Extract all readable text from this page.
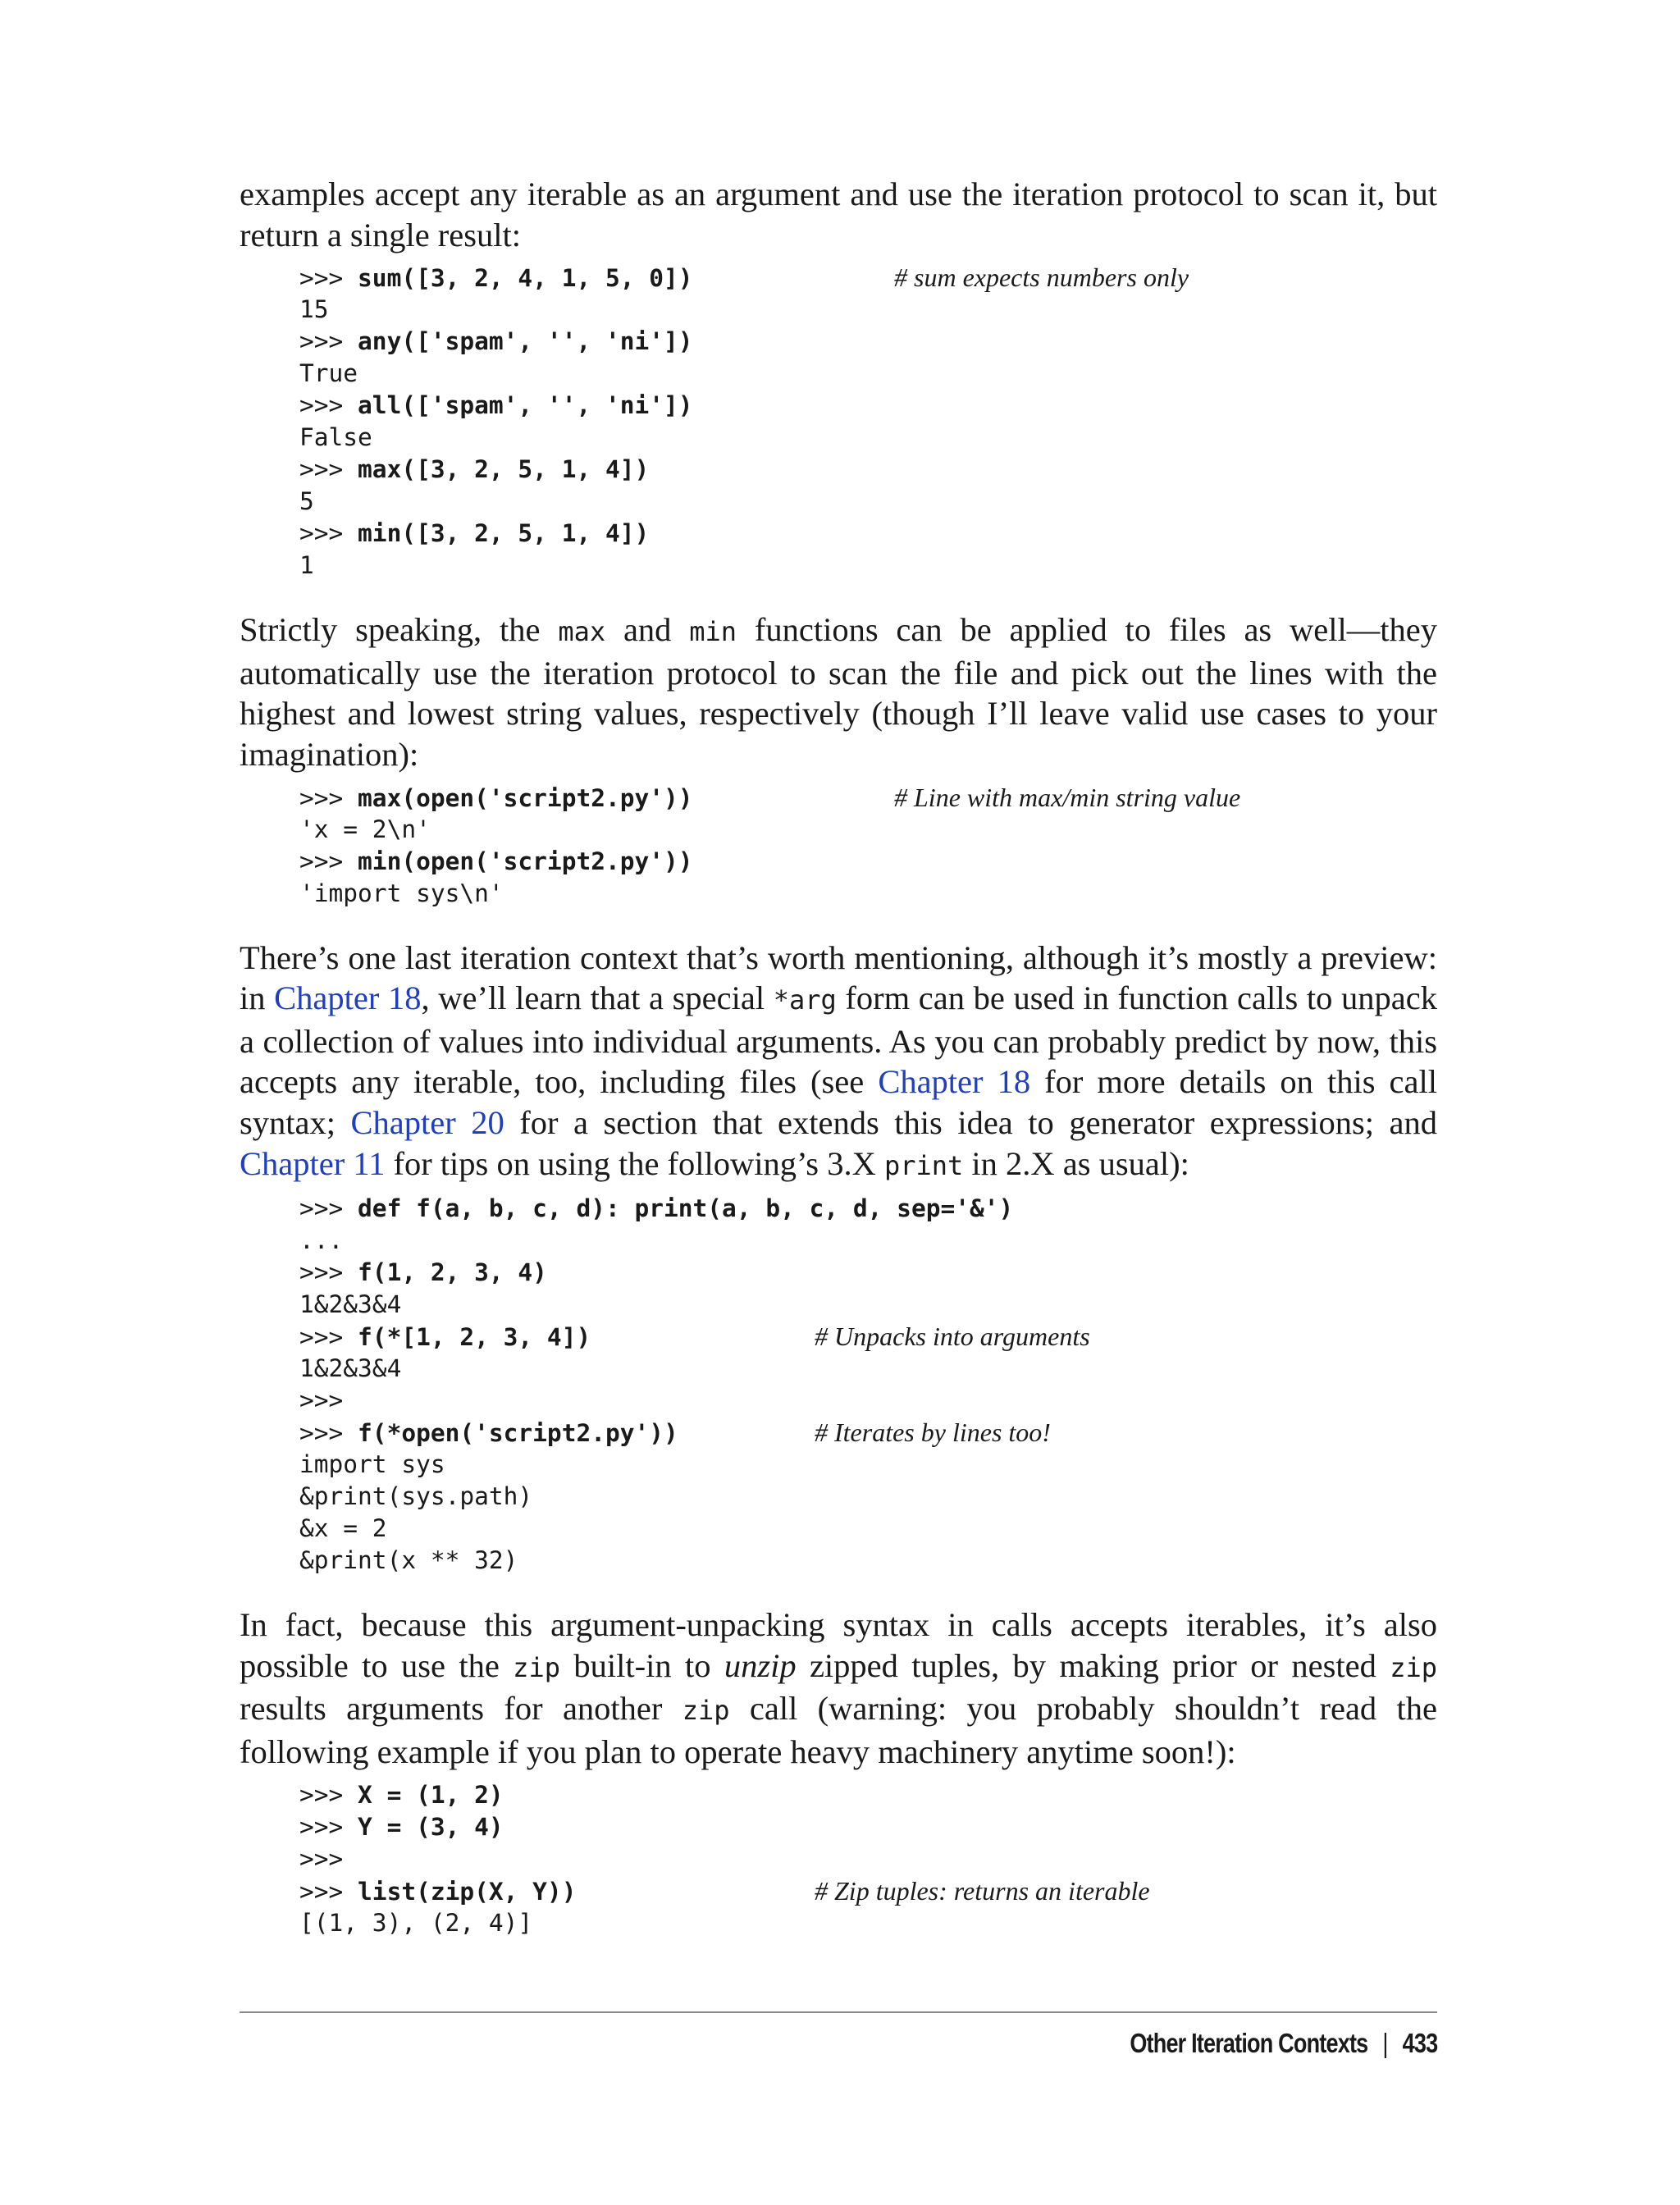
examples accept any iterable as an argument and use the iteration protocol to scan it, but return a single result:

>>> sum([3, 2, 4, 1, 5, 0])	# sum expects numbers only
15
>>> any(['spam', '', 'ni'])
True
>>> all(['spam', '', 'ni'])
False
>>> max([3, 2, 5, 1, 4])
5
>>> min([3, 2, 5, 1, 4])
1

Strictly speaking, the max and min functions can be applied to files as well—they automatically use the iteration protocol to scan the file and pick out the lines with the highest and lowest string values, respectively (though I’ll leave valid use cases to your imagination):

>>> max(open('script2.py'))	# Line with max/min string value
'x = 2\n'
>>> min(open('script2.py'))
'import sys\n'

There’s one last iteration context that’s worth mentioning, although it’s mostly a preview: in Chapter 18, we’ll learn that a special *arg form can be used in function calls to unpack a collection of values into individual arguments. As you can probably predict by now, this accepts any iterable, too, including files (see Chapter 18 for more details on this call syntax; Chapter 20 for a section that extends this idea to generator expressions; and Chapter 11 for tips on using the following’s 3.X print in 2.X as usual):

>>> def f(a, b, c, d): print(a, b, c, d, sep='&')
...
>>> f(1, 2, 3, 4)
1&2&3&4
>>> f(*[1, 2, 3, 4])	# Unpacks into arguments
1&2&3&4
>>>
>>> f(*open('script2.py'))	# Iterates by lines too!
import sys
&print(sys.path)
&x = 2
&print(x ** 32)

In fact, because this argument-unpacking syntax in calls accepts iterables, it’s also possible to use the zip built-in to unzip zipped tuples, by making prior or nested zip results arguments for another zip call (warning: you probably shouldn’t read the following example if you plan to operate heavy machinery anytime soon!):

>>> X = (1, 2)
>>> Y = (3, 4)
>>>
>>> list(zip(X, Y))	# Zip tuples: returns an iterable
[(1, 3), (2, 4)]
Other Iteration Contexts | 433
